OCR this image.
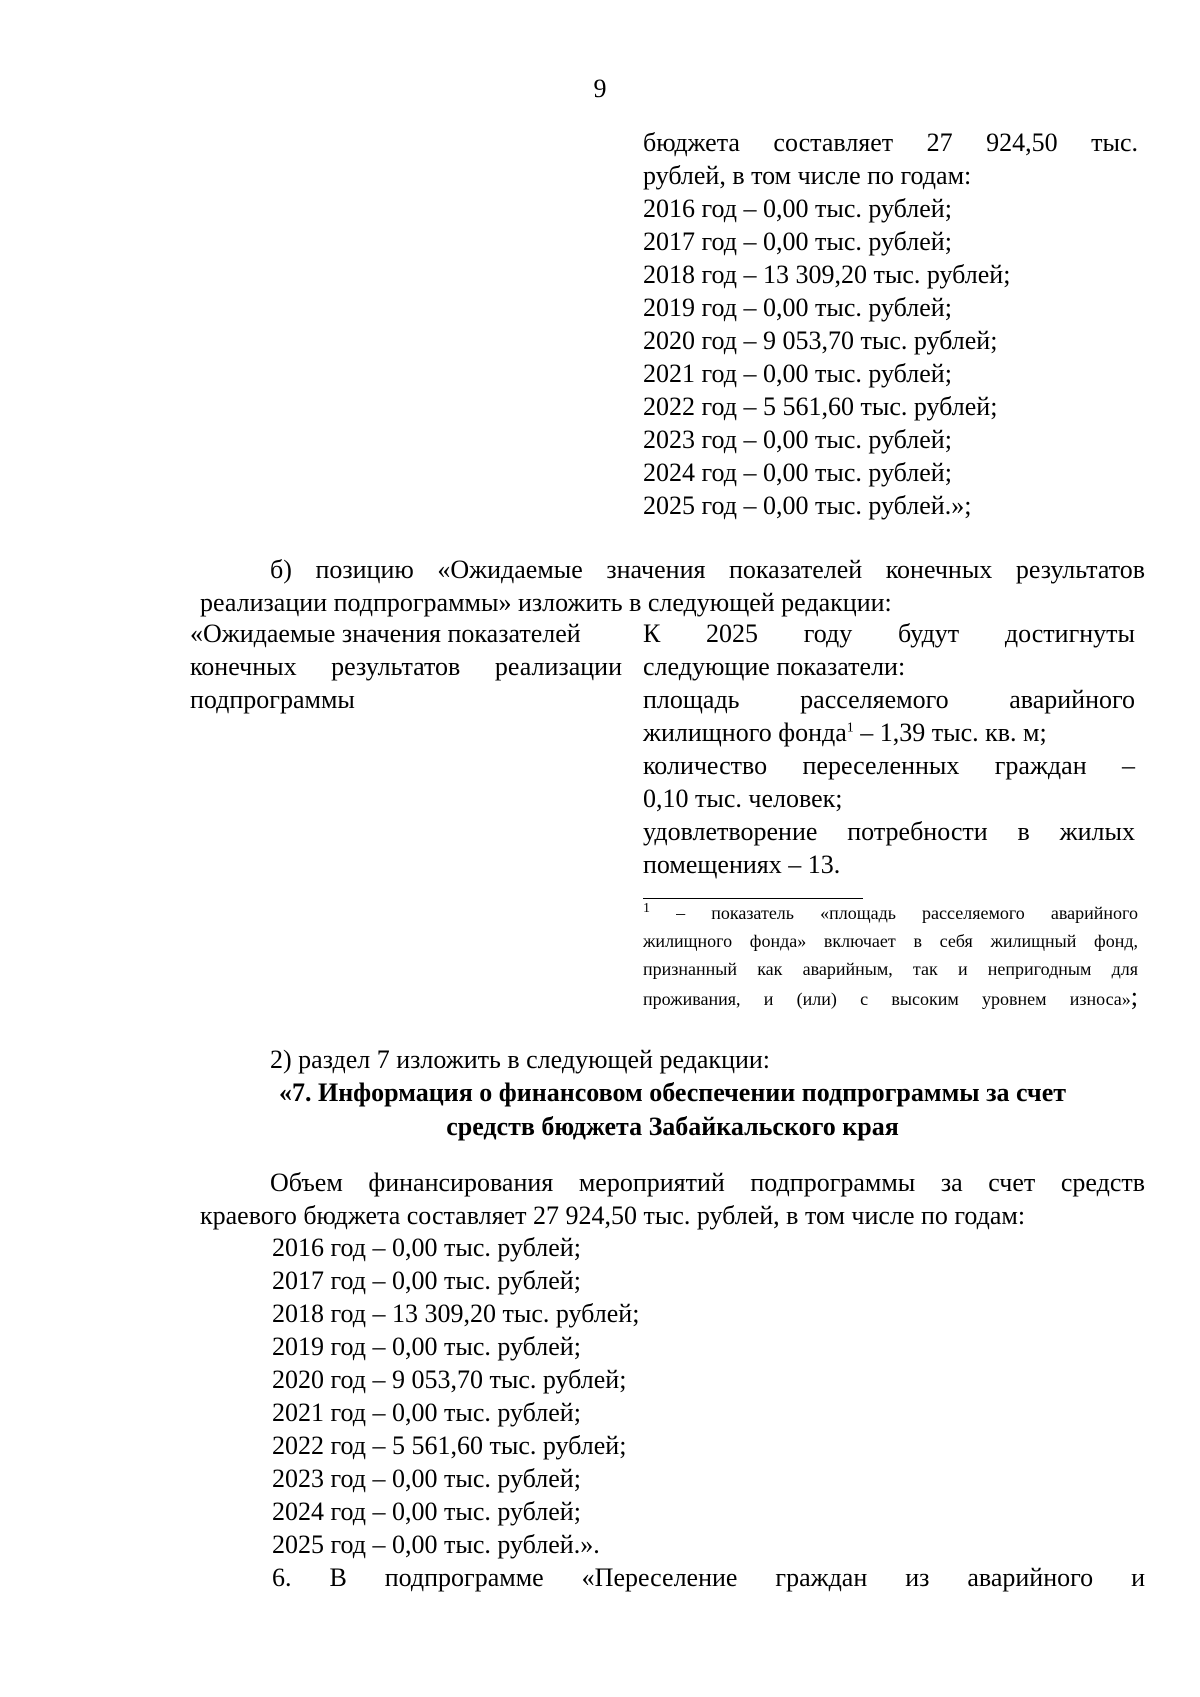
9
бюджета составляет 27 924,50 тыс.
рублей, в том числе по годам:
2016 год – 0,00 тыс. рублей;
2017 год – 0,00 тыс. рублей;
2018 год – 13 309,20 тыс. рублей;
2019 год – 0,00 тыс. рублей;
2020 год – 9 053,70 тыс. рублей;
2021 год – 0,00 тыс. рублей;
2022 год – 5 561,60 тыс. рублей;
2023 год – 0,00 тыс. рублей;
2024 год – 0,00 тыс. рублей;
2025 год – 0,00 тыс. рублей.»;
б) позицию «Ожидаемые значения показателей конечных результатов
реализации подпрограммы» изложить в следующей редакции:
«Ожидаемые значения показателей
конечных результатов реализации
подпрограммы
К 2025 году будут достигнуты
следующие показатели:
площадь расселяемого аварийного
жилищного фонда$^1$ – 1,39 тыс. кв. м;
количество переселенных граждан –
0,10 тыс. человек;
удовлетворение потребности в жилых
помещениях – 13.
$^1$ – показатель «площадь расселяемого аварийного
жилищного фонда» включает в себя жилищный фонд,
признанный как аварийным, так и непригодным для
проживания, и (или) с высоким уровнем износа»;
2) раздел 7 изложить в следующей редакции:
«7. Информация о финансовом обеспечении подпрограммы за счет
средств бюджета Забайкальского края
Объем финансирования мероприятий подпрограммы за счет средств
краевого бюджета составляет 27 924,50 тыс. рублей, в том числе по годам:
2016 год – 0,00 тыс. рублей;
2017 год – 0,00 тыс. рублей;
2018 год – 13 309,20 тыс. рублей;
2019 год – 0,00 тыс. рублей;
2020 год – 9 053,70 тыс. рублей;
2021 год – 0,00 тыс. рублей;
2022 год – 5 561,60 тыс. рублей;
2023 год – 0,00 тыс. рублей;
2024 год – 0,00 тыс. рублей;
2025 год – 0,00 тыс. рублей.».
6. В подпрограмме «Переселение граждан из аварийного и
